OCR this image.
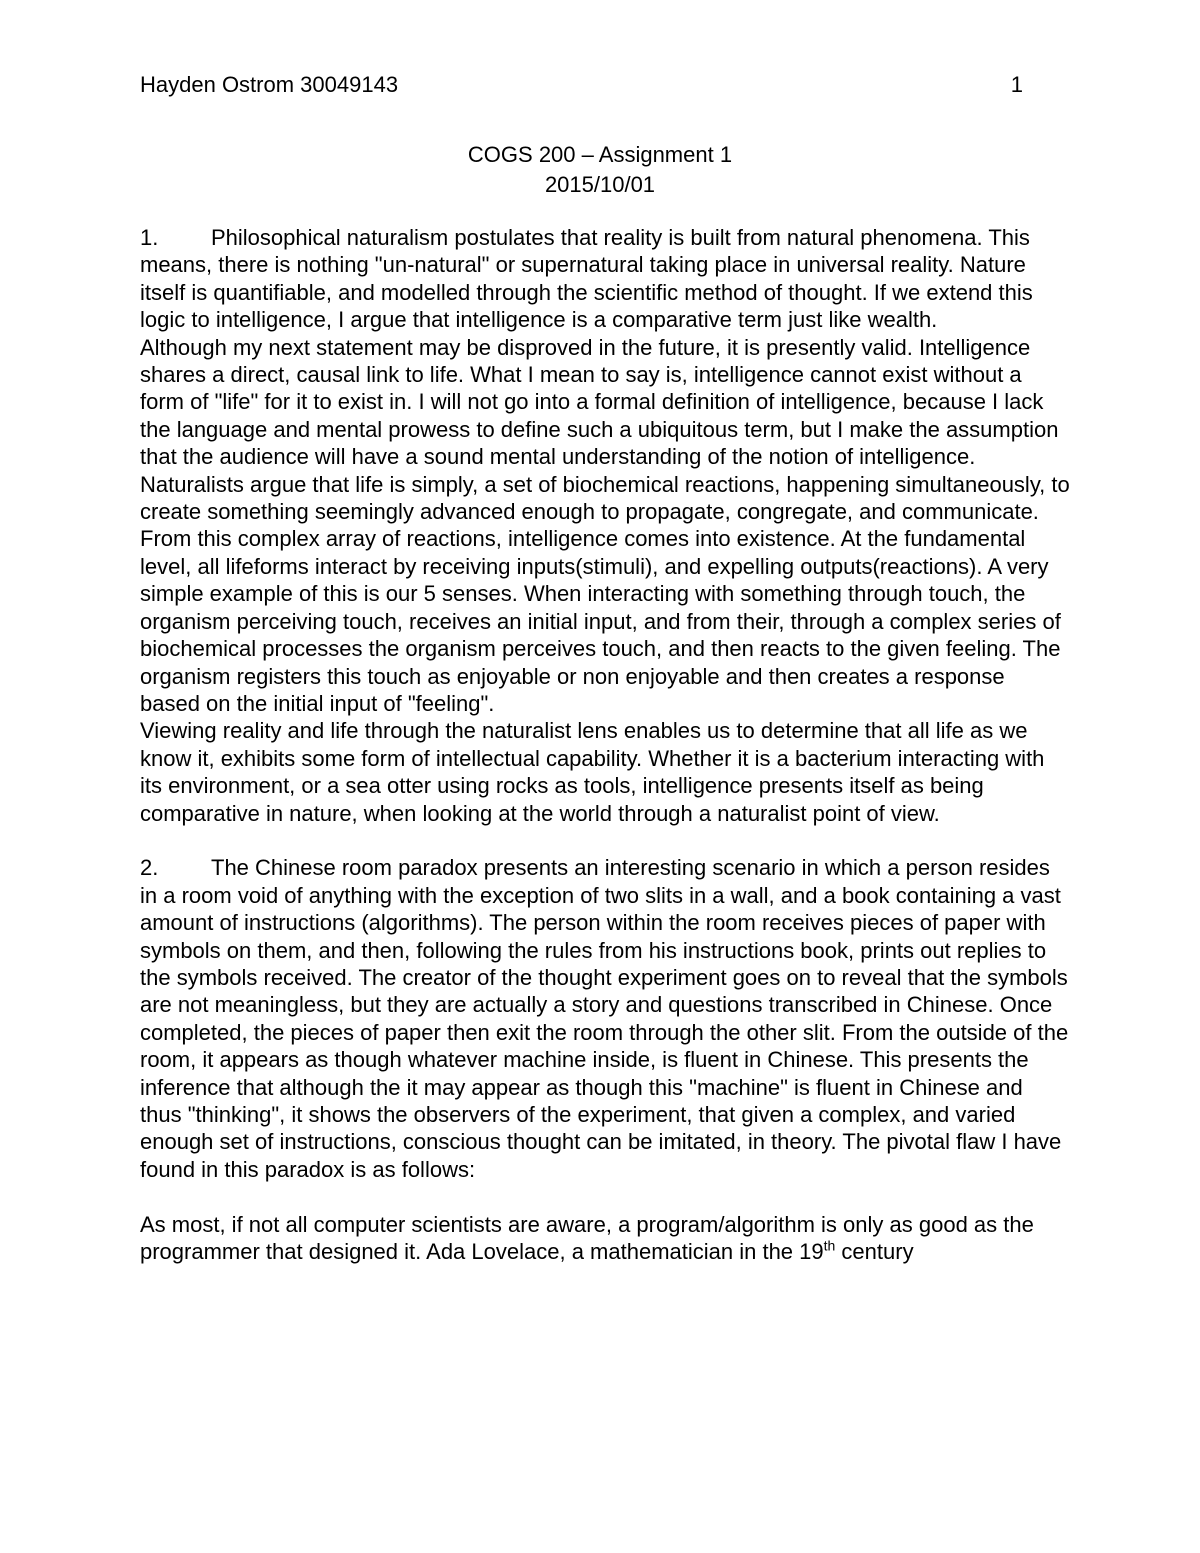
Hayden Ostrom 30049143	1
COGS 200 – Assignment 1
2015/10/01

1. Philosophical naturalism postulates that reality is built from natural phenomena. This means, there is nothing "un-natural" or supernatural taking place in universal reality. Nature itself is quantifiable, and modelled through the scientific method of thought. If we extend this logic to intelligence, I argue that intelligence is a comparative term just like wealth.

Although my next statement may be disproved in the future, it is presently valid. Intelligence shares a direct, causal link to life. What I mean to say is, intelligence cannot exist without a form of "life" for it to exist in. I will not go into a formal definition of intelligence, because I lack the language and mental prowess to define such a ubiquitous term, but I make the assumption that the audience will have a sound mental understanding of the notion of intelligence.

Naturalists argue that life is simply, a set of biochemical reactions, happening simultaneously, to create something seemingly advanced enough to propagate, congregate, and communicate. From this complex array of reactions, intelligence comes into existence. At the fundamental level, all lifeforms interact by receiving inputs(stimuli), and expelling outputs(reactions). A very simple example of this is our 5 senses. When interacting with something through touch, the organism perceiving touch, receives an initial input, and from their, through a complex series of biochemical processes the organism perceives touch, and then reacts to the given feeling. The organism registers this touch as enjoyable or non enjoyable and then creates a response based on the initial input of "feeling".

Viewing reality and life through the naturalist lens enables us to determine that all life as we know it, exhibits some form of intellectual capability. Whether it is a bacterium interacting with its environment, or a sea otter using rocks as tools, intelligence presents itself as being comparative in nature, when looking at the world through a naturalist point of view.

2. The Chinese room paradox presents an interesting scenario in which a person resides in a room void of anything with the exception of two slits in a wall, and a book containing a vast amount of instructions (algorithms). The person within the room receives pieces of paper with symbols on them, and then, following the rules from his instructions book, prints out replies to the symbols received. The creator of the thought experiment goes on to reveal that the symbols are not meaningless, but they are actually a story and questions transcribed in Chinese. Once completed, the pieces of paper then exit the room through the other slit. From the outside of the room, it appears as though whatever machine inside, is fluent in Chinese. This presents the inference that although the it may appear as though this "machine" is fluent in Chinese and thus "thinking", it shows the observers of the experiment, that given a complex, and varied enough set of instructions, conscious thought can be imitated, in theory. The pivotal flaw I have found in this paradox is as follows:

As most, if not all computer scientists are aware, a program/algorithm is only as good as the programmer that designed it. Ada Lovelace, a mathematician in the 19th century
